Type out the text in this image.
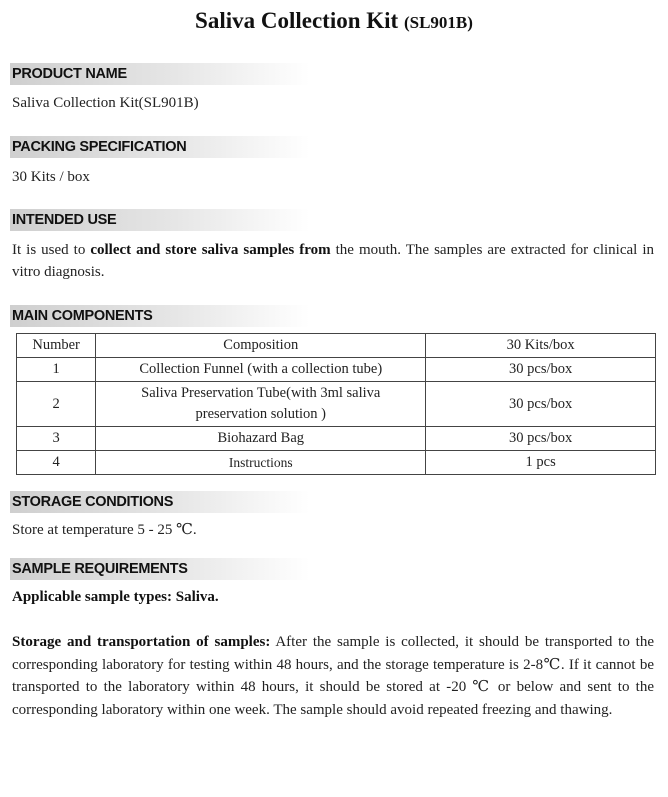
Saliva Collection Kit (SL901B)
PRODUCT NAME
Saliva Collection Kit(SL901B)
PACKING SPECIFICATION
30 Kits / box
INTENDED USE
It is used to collect and store saliva samples from the mouth. The samples are extracted for clinical in vitro diagnosis.
MAIN COMPONENTS
Number	Composition	30 Kits/box
1	Collection Funnel (with a collection tube)	30 pcs/box
2	Saliva Preservation Tube(with 3ml saliva preservation solution )	30 pcs/box
3	Biohazard Bag	30 pcs/box
4	Instructions	1 pcs
STORAGE CONDITIONS
Store at temperature 5 - 25 ℃.
SAMPLE REQUIREMENTS
Applicable sample types: Saliva.
Storage and transportation of samples: After the sample is collected, it should be transported to the corresponding laboratory for testing within 48 hours, and the storage temperature is 2-8℃. If it cannot be transported to the laboratory within 48 hours, it should be stored at -20 ℃ or below and sent to the corresponding laboratory within one week. The sample should avoid repeated freezing and thawing.
